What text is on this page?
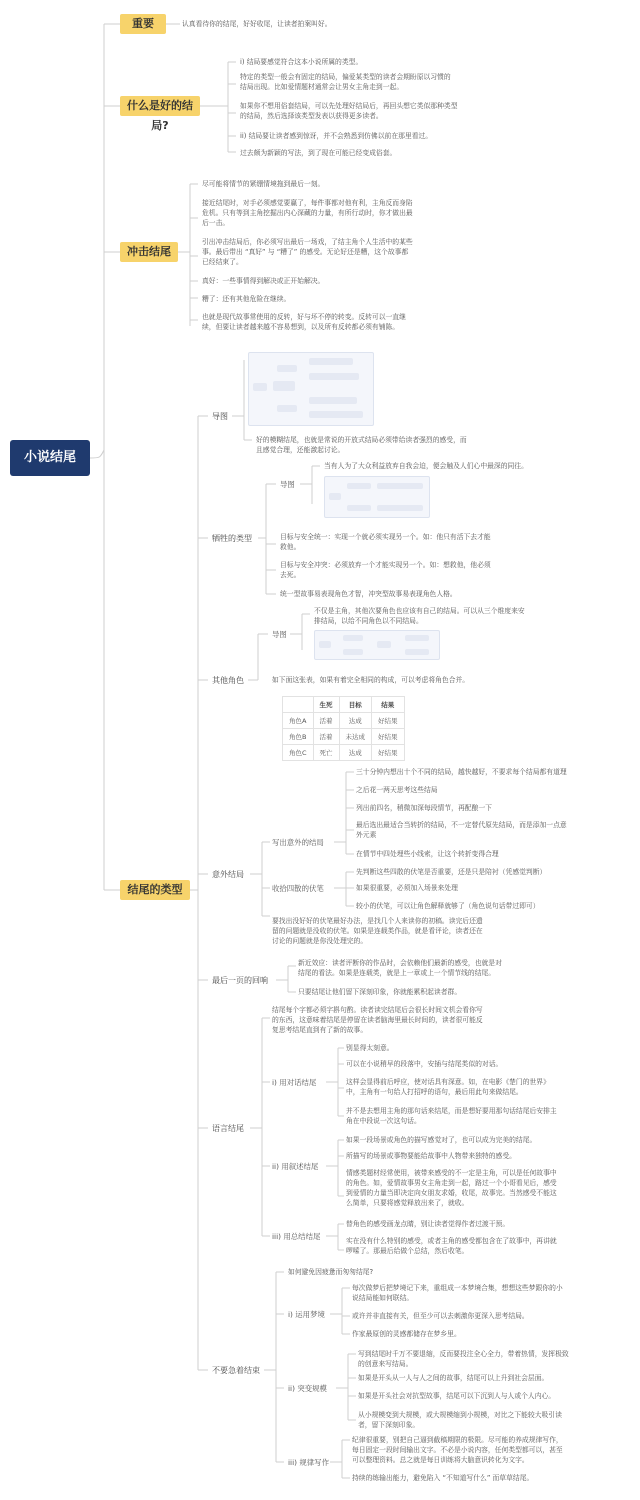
小说结尾
重要	认真看待你的结尾，好好收尾，让读者拍案叫好。
什么是好的结局?
i) 结局要感觉符合这本小说所属的类型。
特定的类型一般会有固定的结局，偏爱某类型的读者会期盼原以习惯的
结局出现。比如爱情题材通常会让男女主角走到一起。
如果你不想用俗套结局，可以先处理好结局后，再回头想它类似那种类型
的结局，然后选择该类型发表以获得更多读者。
ii) 结局要让读者感到惊讶，并不会熟悉到仿佛以前在那里看过。
过去颇为新颖的写法，到了现在可能已经变成俗套。
冲击结尾
尽可能将情节的紧绷情境拖到最后一刻。
接近结尾时，对手必须感觉要赢了，每件事都对他有利，主角反而身陷
危机。只有等到主角挖掘出内心深藏的力量，有所行动时，你才做出最
后一击。
引出冲击结局后，你必须写出最后一场戏，了结主角个人生活中的某些
事。最后带出 “真好” 与 “糟了” 的感受。无论好还是糟，这个故事都
已经结束了。
真好：一些事情得到解决或正开始解决。
糟了：还有其他危险在继续。
也就是现代故事常使用的反转，好与坏不停的转变。反转可以一直继
续，但要让读者越来越不容易想到，以及所有反转都必须有铺陈。
结尾的类型
导图
好的模糊结尾，也就是常说的开放式结局必须带给读者强烈的感受，而
且感觉合理，还能激起讨论。
牺牲的类型
导图
当有人为了大众利益放弃自我会迫，便会触及人们心中最深的同往。
目标与安全统一：实现一个就必须实现另一个。如：他只有活下去才能
救他。
目标与安全冲突：必须放弃一个才能实现另一个。如：想救他，他必须
去死。
统一型故事易表现角色才智，冲突型故事易表现角色人格。
其他角色
导图
不仅是主角，其他次要角色也应该有自己的结局。可以从三个维度来安
排结局，以给不同角色以不同结局。
如下面这张表，如果有着完全相同的构成，可以考虑将角色合并。
	生死	目标	结果
角色A	活着	达成	好结果
角色B	活着	未达成	好结果
角色C	死亡	达成	好结果
意外结局
写出意外的结局
三十分钟内想出十个不同的结局，越快越好，不要求每个结局都有道理
之后花一两天思考这些结局
列出前四名，稍微加深每段情节，再配酿一下
最后选出最适合当转折的结局，不一定替代原先结局，而是添加一点意
外元素
在情节中四处埋些小线索，让这个转折变得合理
收拾四散的伏笔
先判断这些四散的伏笔是否重要，还是只是陪衬（凭感觉判断）
如果很重要，必须加入场景来处理
较小的伏笔，可以让角色解释就够了（角色说句话带过即可）
要找出没好好的伏笔最好办法，是找几个人来读你的初稿。读完后还遗
留的问题就是没收的伏笔。如果是连载类作品，就是看评论，读者还在
讨论的问题就是你没处理完的。
最后一页的回响
新近效应：读者评断你的作品时，会依赖他们最新的感受，也就是对
结尾的看法。如果是连载类，就是上一章或上一个情节线的结尾。
只要结尾让他们留下深刻印象，你就能累积起读者群。
语言结尾
结尾每个字都必须字斟句酌。读者读完结尾后会很长时间文机会看你写
的东西，这意味着结尾是停留在读者脑海里最长时间的，读者很可能反
复思考结尾直到有了新的故事。
i) 用对话结尾
别显得太刻意。
可以在小说稍早的段落中，安插与结尾类似的对话。
这样会显得前后呼应，使对话具有深意。如，在电影《楚门的世界》
中，主角有一句给人打招呼的语句，最后用此句来做结尾。
并不是去想用主角的那句话来结尾，而是想好要用那句话结尾后安排主
角在中段说一次这句话。
ii) 用叙述结尾
如果一段场景或角色的描写感觉对了，也可以成为完美的结尾。
所描写的场景或事物要能给故事中人物带来独特的感受。
情感类题材经常使用，被带来感受的不一定是主角，可以是任何故事中
的角色。如，爱情故事男女主角走到一起，路过一个小哥看见后，感受
到爱情的力量当即决定向女朋友求婚，收尾，故事完。当然感受不能这
么简单，只要将感觉释放出来了，就收。
iii) 用总结结尾
替角色的感受画龙点睛，别让读者觉得作者过渡干预。
实在没有什么特别的感受，或者主角的感受都包含在了故事中，再讲就
啰嗦了。那最后给做个总结，然后收笔。
不要急着结束
如何避免因疲惫而匆匆结尾?
i) 运用梦境
每次做梦后把梦境记下来，重组成一本梦境合集，想想这些梦跟你的小
说结局能如何联结。
或许并非直接有关，但至少可以去刺激你更深入思考结局。
作家最原创的灵感都储存在梦乡里。
ii) 突变规模
写到结尾时千万不要退缩，反而要投注全心全力，带着热情，发挥极致
的创意来写结局。
如果是开头从一人与人之间的故事，结尾可以上升到社会层面。
如果是开头社会对抗型故事，结尾可以下沉到人与人或个人内心。
从小规模变到大规模，或大规模缩到小规模，对比之下能较大吸引读
者，留下深刻印象。
iii) 规律写作
纪律很重要，别把自己逼到截稿期限的极限。尽可能的养成规律写作，
每日固定一段时间输出文字。不必是小说内容，任何类型都可以，甚至
可以整理资料。总之就是每日训练将大脑意识转化为文字。
持续的练输出能力，避免陷入 “不知道写什么” 而草草结尾。
